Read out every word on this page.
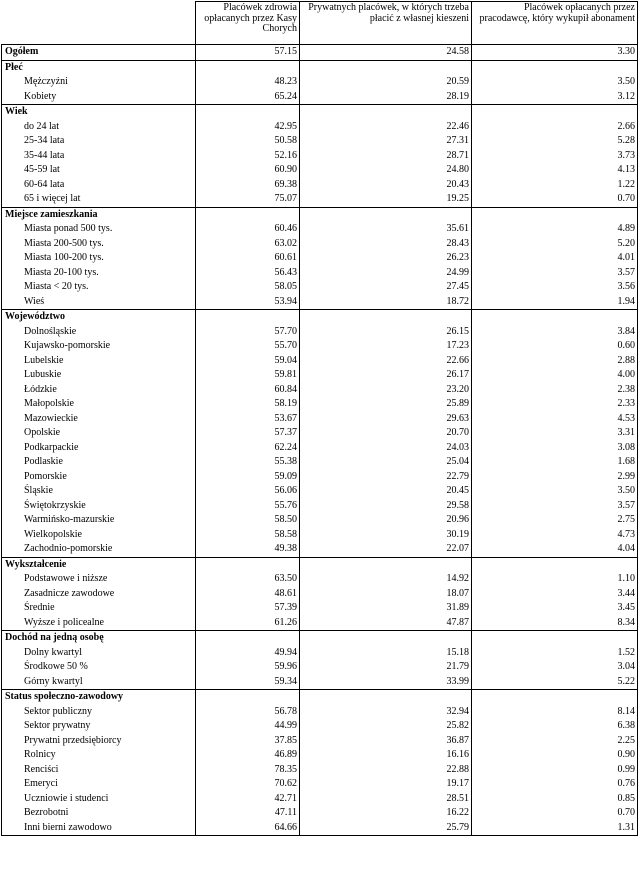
	Placówek zdrowia opłacanych przez Kasy Chorych	Prywatnych placówek, w których trzeba płacić z własnej kieszeni	Placówek opłacanych przez pracodawcę, który wykupił abonament
Ogółem	57.15	24.58	3.30
Płeć			
Mężczyźni	48.23	20.59	3.50
Kobiety	65.24	28.19	3.12
Wiek			
do 24 lat	42.95	22.46	2.66
25-34 lata	50.58	27.31	5.28
35-44 lata	52.16	28.71	3.73
45-59 lat	60.90	24.80	4.13
60-64 lata	69.38	20.43	1.22
65 i więcej lat	75.07	19.25	0.70
Miejsce zamieszkania			
Miasta ponad 500 tys.	60.46	35.61	4.89
Miasta 200-500 tys.	63.02	28.43	5.20
Miasta 100-200 tys.	60.61	26.23	4.01
Miasta 20-100 tys.	56.43	24.99	3.57
Miasta < 20 tys.	58.05	27.45	3.56
Wieś	53.94	18.72	1.94
Województwo			
Dolnośląskie	57.70	26.15	3.84
Kujawsko-pomorskie	55.70	17.23	0.60
Lubelskie	59.04	22.66	2.88
Lubuskie	59.81	26.17	4.00
Łódzkie	60.84	23.20	2.38
Małopolskie	58.19	25.89	2.33
Mazowieckie	53.67	29.63	4.53
Opolskie	57.37	20.70	3.31
Podkarpackie	62.24	24.03	3.08
Podlaskie	55.38	25.04	1.68
Pomorskie	59.09	22.79	2.99
Śląskie	56.06	20.45	3.50
Świętokrzyskie	55.76	29.58	3.57
Warmińsko-mazurskie	58.50	20.96	2.75
Wielkopolskie	58.58	30.19	4.73
Zachodnio-pomorskie	49.38	22.07	4.04
Wykształcenie			
Podstawowe i niższe	63.50	14.92	1.10
Zasadnicze zawodowe	48.61	18.07	3.44
Średnie	57.39	31.89	3.45
Wyższe i policealne	61.26	47.87	8.34
Dochód na jedną osobę			
Dolny kwartyl	49.94	15.18	1.52
Środkowe 50 %	59.96	21.79	3.04
Górny kwartyl	59.34	33.99	5.22
Status społeczno-zawodowy			
Sektor publiczny	56.78	32.94	8.14
Sektor prywatny	44.99	25.82	6.38
Prywatni przedsiębiorcy	37.85	36.87	2.25
Rolnicy	46.89	16.16	0.90
Renciści	78.35	22.88	0.99
Emeryci	70.62	19.17	0.76
Uczniowie i studenci	42.71	28.51	0.85
Bezrobotni	47.11	16.22	0.70
Inni bierni zawodowo	64.66	25.79	1.31
